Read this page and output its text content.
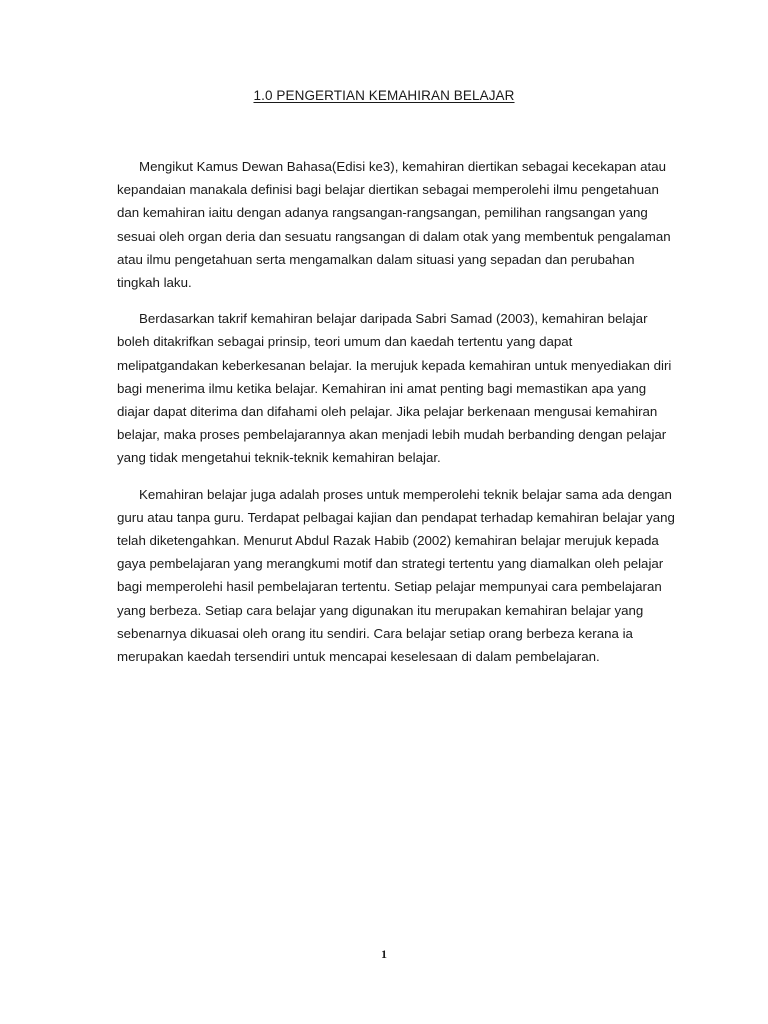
1.0 PENGERTIAN KEMAHIRAN BELAJAR

Mengikut Kamus Dewan Bahasa(Edisi ke3), kemahiran diertikan sebagai kecekapan atau kepandaian manakala definisi bagi belajar diertikan sebagai memperolehi ilmu pengetahuan dan kemahiran iaitu dengan adanya rangsangan-rangsangan, pemilihan rangsangan yang sesuai oleh organ deria dan sesuatu rangsangan di dalam otak yang membentuk pengalaman atau ilmu pengetahuan serta mengamalkan dalam situasi yang sepadan dan perubahan tingkah laku.

Berdasarkan takrif kemahiran belajar daripada Sabri Samad (2003), kemahiran belajar boleh ditakrifkan sebagai prinsip, teori umum dan kaedah tertentu yang dapat melipatgandakan keberkesanan belajar. Ia merujuk kepada kemahiran untuk menyediakan diri bagi menerima ilmu ketika belajar. Kemahiran ini amat penting bagi memastikan apa yang diajar dapat diterima dan difahami oleh pelajar. Jika pelajar berkenaan mengusai kemahiran belajar, maka proses pembelajarannya akan menjadi lebih mudah berbanding dengan pelajar yang tidak mengetahui teknik-teknik kemahiran belajar.

Kemahiran belajar juga adalah proses untuk memperolehi teknik belajar sama ada dengan guru atau tanpa guru. Terdapat pelbagai kajian dan pendapat terhadap kemahiran belajar yang telah diketengahkan. Menurut Abdul Razak Habib (2002) kemahiran belajar merujuk kepada gaya pembelajaran yang merangkumi motif dan strategi tertentu yang diamalkan oleh pelajar bagi memperolehi hasil pembelajaran tertentu. Setiap pelajar mempunyai cara pembelajaran yang berbeza. Setiap cara belajar yang digunakan itu merupakan kemahiran belajar yang sebenarnya dikuasai oleh orang itu sendiri. Cara belajar setiap orang berbeza kerana ia merupakan kaedah tersendiri untuk mencapai keselesaan di dalam pembelajaran.

1
